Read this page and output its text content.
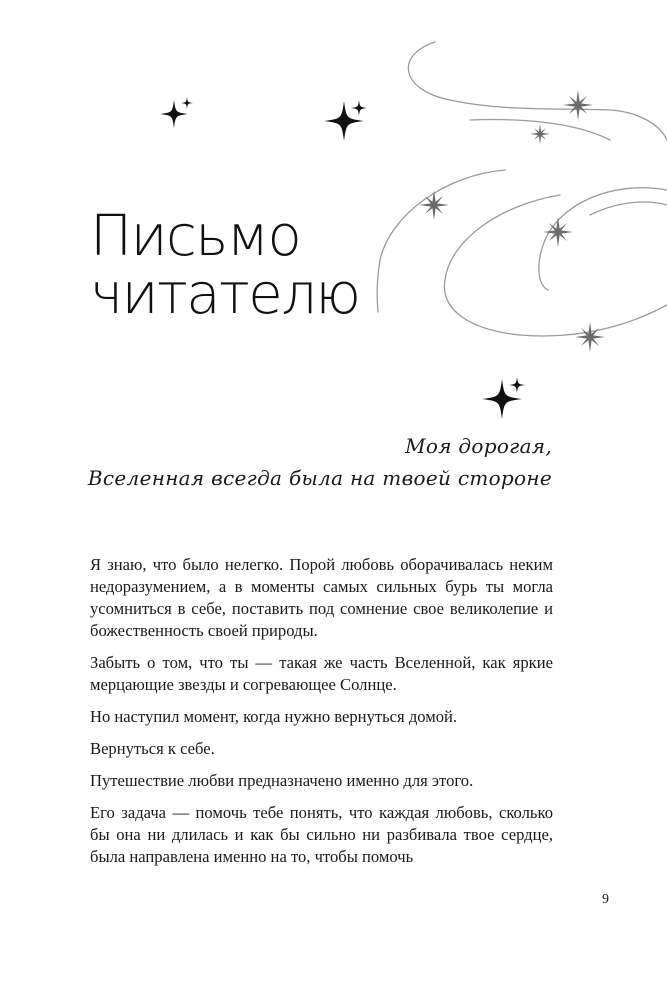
Письмо
читателю
Моя дорогая,
Вселенная всегда была на твоей стороне

Я знаю, что было нелегко. Порой любовь оборачивалась неким недоразумением, а в моменты самых сильных бурь ты могла усомниться в себе, поставить под сомнение свое великолепие и божественность своей природы.

Забыть о том, что ты — такая же часть Вселенной, как яркие мерцающие звезды и согревающее Солнце.

Но наступил момент, когда нужно вернуться домой.

Вернуться к себе.

Путешествие любви предназначено именно для этого.

Его задача — помочь тебе понять, что каждая любовь, сколько бы она ни длилась и как бы сильно ни разбивала твое сердце, была направлена именно на то, чтобы помочь

9
